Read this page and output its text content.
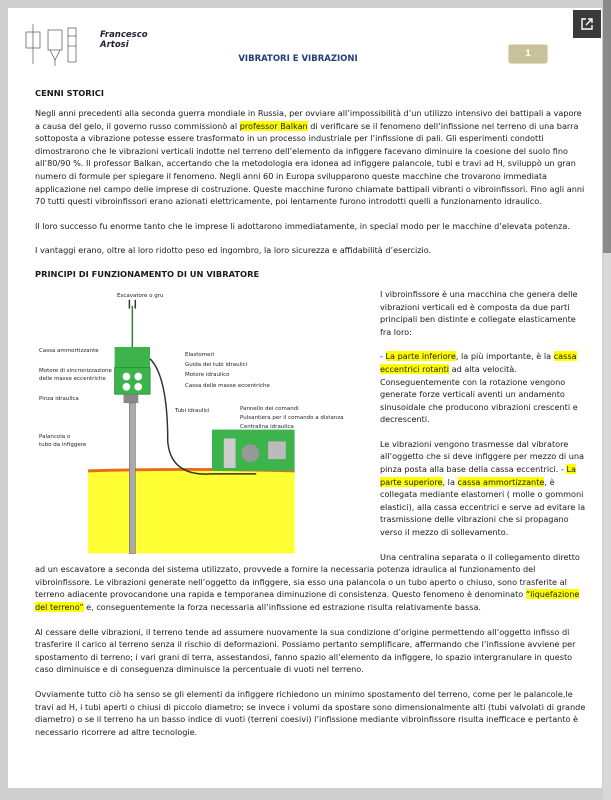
Francesco
Artosi
VIBRATORI E VIBRAZIONI	1
CENNI STORICI
Negli anni precedenti alla seconda guerra mondiale in Russia, per ovviare all’impossibilità d’un utilizzo intensivo dei battipali a vapore a causa del gelo, il governo russo commissionò al professor Balkan di verificare se il fenomeno dell’infissione nel terreno di una barra sottoposta a vibrazione potesse essere trasformato in un processo industriale per l’infissione di pali. Gli esperimenti condotti dimostrarono che le vibrazioni verticali indotte nel terreno dell’elemento da infiggere facevano diminuire la coesione del suolo fino all’80/90 %. Il professor Balkan, accertando che la metodologia era idonea ad infiggere palancole, tubi e travi ad H, sviluppò un gran numero di formule per spiegare il fenomeno. Negli anni 60 in Europa svilupparono queste macchine che trovarono immediata applicazione nel campo delle imprese di costruzione. Queste macchine furono chiamate battipali vibranti o vibroinfissori. Fino agli anni 70 tutti questi vibroinfissori erano azionati elettricamente, poi lentamente furono introdotti quelli a funzionamento idraulico.
Il loro successo fu enorme tanto che le imprese li adottarono immediatamente, in special modo per le macchine d’elevata potenza.
I vantaggi erano, oltre al loro ridotto peso ed ingombro, la loro sicurezza e affidabilità d’esercizio.
PRINCIPI DI FUNZIONAMENTO DI UN VIBRATORE
Escavatore o gru
Cassa ammortizzante
Elastomeri
Guida dei tubi idraulici
Motore idraulico
Motore di sincronizzazione
delle masse eccentriche
Cassa delle masse eccentriche
Pinza idraulica
Tubi idraulici	Pannello dei comandi
Pulsantiera per il comando a distanza
Centralina idraulica
Palancola o
tubo da infiggere
I vibroinfissore è una macchina che genera delle vibrazioni verticali ed è composta da due parti principali ben distinte e collegate elasticamente fra loro:
- La parte inferiore, la più importante, è la cassa eccentrici rotanti ad alta velocità. Conseguentemente con la rotazione vengono generate forze verticali aventi un andamento sinusoidale che producono vibrazioni crescenti e decrescenti.
Le vibrazioni vengono trasmesse dal vibratore all’oggetto che si deve infiggere per mezzo di una pinza posta alla base della cassa eccentrici. - La parte superiore, la cassa ammortizzante, è collegata mediante elastomeri ( molle o gommoni elastici), alla cassa eccentrici e serve ad evitare la trasmissione delle vibrazioni che si propagano verso il mezzo di sollevamento.
Una centralina separata o il collegamento diretto ad un escavatore a seconda del sistema utilizzato, provvede a fornire la necessaria potenza idraulica al funzionamento del vibroinfissore. Le vibrazioni generate nell’oggetto da infiggere, sia esso una palancola o un tubo aperto o chiuso, sono trasferite al terreno adiacente provocandone una rapida e temporanea diminuzione di consistenza. Questo fenomeno è denominato “liquefazione del terreno” e, conseguentemente la forza necessaria all’infissione ed estrazione risulta relativamente bassa.
Al cessare delle vibrazioni, il terreno tende ad assumere nuovamente la sua condizione d’origine permettendo all’oggetto infisso di trasferire il carico al terreno senza il rischio di deformazioni. Possiamo pertanto semplificare, affermando che l’infissione avviene per spostamento di terreno; i vari grani di terra, assestandosi, fanno spazio all’elemento da infiggere, lo spazio intergranulare in questo caso diminuisce e di conseguenza diminuisce la percentuale di vuoti nel terreno.
Ovviamente tutto ciò ha senso se gli elementi da infiggere richiedono un minimo spostamento del terreno, come per le palancole,le travi ad H, i tubi aperti o chiusi di piccolo diametro; se invece i volumi da spostare sono dimensionalmente alti (tubi valvolati di grande diametro) o se il terreno ha un basso indice di vuoti (terreni coesivi) l’infissione mediante vibroinfissore risulta inefficace e pertanto è necessario ricorrere ad altre tecnologie.
